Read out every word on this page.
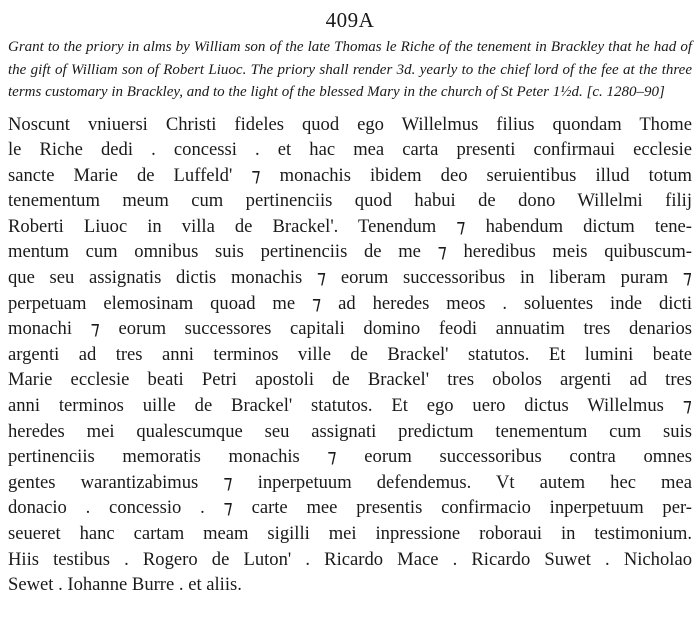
409A

Grant to the priory in alms by William son of the late Thomas le Riche of the tenement in Brackley that he had of the gift of William son of Robert Liuoc. The priory shall render 3d. yearly to the chief lord of the fee at the three terms customary in Brackley, and to the light of the blessed Mary in the church of St Peter 1½d. [c. 1280–90]

Noscunt vniuersi Christi fideles quod ego Willelmus filius quondam Thome
le Riche dedi . concessi . et hac mea carta presenti confirmaui ecclesie
sancte Marie de Luffeld' ⁊ monachis ibidem deo seruientibus illud totum
tenementum meum cum pertinenciis quod habui de dono Willelmi filij
Roberti Liuoc in villa de Brackel'. Tenendum ⁊ habendum dictum tene-
mentum cum omnibus suis pertinenciis de me ⁊ heredibus meis quibuscum-
que seu assignatis dictis monachis ⁊ eorum successoribus in liberam puram ⁊
perpetuam elemosinam quoad me ⁊ ad heredes meos . soluentes inde dicti
monachi ⁊ eorum successores capitali domino feodi annuatim tres denarios
argenti ad tres anni terminos ville de Brackel' statutos. Et lumini beate
Marie ecclesie beati Petri apostoli de Brackel' tres obolos argenti ad tres
anni terminos uille de Brackel' statutos. Et ego uero dictus Willelmus ⁊
heredes mei qualescumque seu assignati predictum tenementum cum suis
pertinenciis memoratis monachis ⁊ eorum successoribus contra omnes
gentes warantizabimus ⁊ inperpetuum defendemus. Vt autem hec mea
donacio . concessio . ⁊ carte mee presentis confirmacio inperpetuum per-
seueret hanc cartam meam sigilli mei inpressione roboraui in testimonium.
Hiis testibus . Rogero de Luton' . Ricardo Mace . Ricardo Suwet . Nicholao
Sewet . Iohanne Burre . et aliis.
